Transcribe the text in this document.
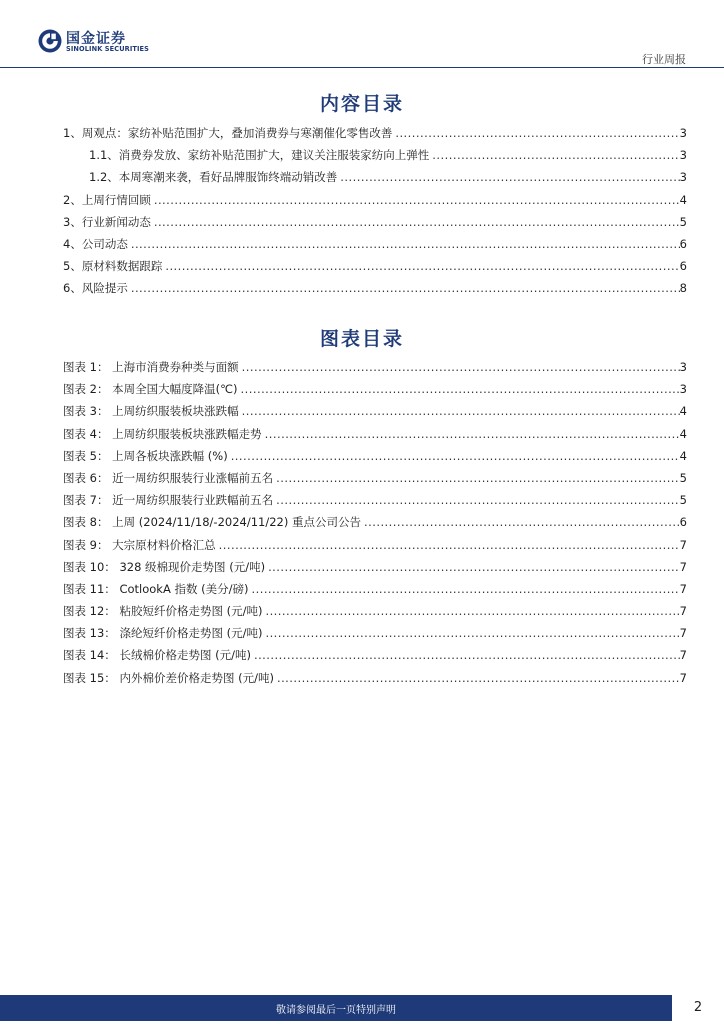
国金证券
SINOLINK SECURITIES
行业周报
内容目录
1、周观点：家纺补贴范围扩大，叠加消费券与寒潮催化零售改善 . . .	3
1.1、消费券发放、家纺补贴范围扩大，建议关注服装家纺向上弹性 . . .	3
1.2、本周寒潮来袭，看好品牌服饰终端动销改善 . . .	3
2、上周行情回顾 . . .	4
3、行业新闻动态 . . .	5
4、公司动态 . . .	6
5、原材料数据跟踪 . . .	6
6、风险提示 . . .	8
图表目录
图表 1： 上海市消费券种类与面额 . . .	3
图表 2： 本周全国大幅度降温(℃) . . .	3
图表 3： 上周纺织服装板块涨跌幅 . . .	4
图表 4： 上周纺织服装板块涨跌幅走势 . . .	4
图表 5： 上周各板块涨跌幅 (%) . . .	4
图表 6： 近一周纺织服装行业涨幅前五名 . . .	5
图表 7： 近一周纺织服装行业跌幅前五名 . . .	5
图表 8： 上周 (2024/11/18/-2024/11/22) 重点公司公告 . . .	6
图表 9： 大宗原材料价格汇总 . . .	7
图表 10： 328 级棉现价走势图 (元/吨) . . .	7
图表 11： CotlookA 指数 (美分/磅) . . .	7
图表 12： 粘胶短纤价格走势图 (元/吨) . . .	7
图表 13： 涤纶短纤价格走势图 (元/吨) . . .	7
图表 14： 长绒棉价格走势图 (元/吨) . . .	7
图表 15： 内外棉价差价格走势图 (元/吨) . . .	7
敬请参阅最后一页特别声明	2
